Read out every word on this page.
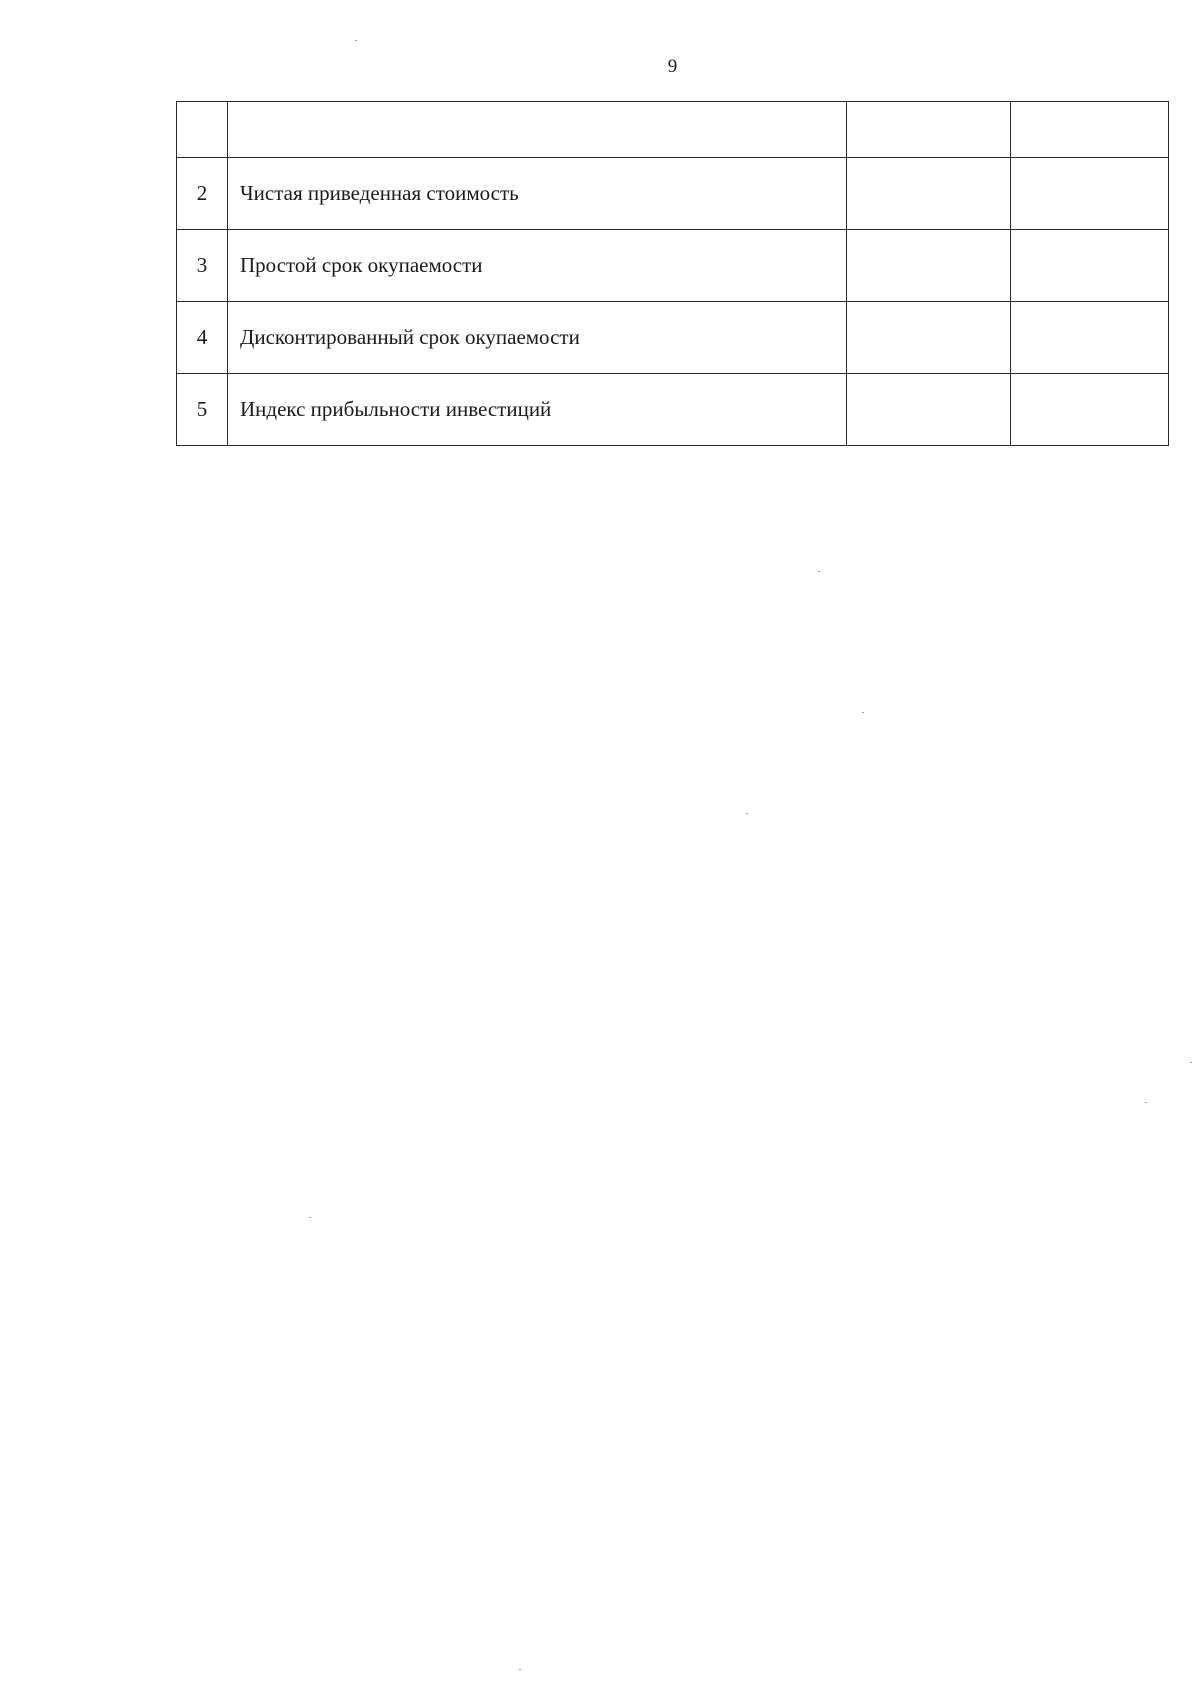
9

2	Чистая приведенная стоимость		
3	Простой срок окупаемости		
4	Дисконтированный срок окупаемости		
5	Индекс прибыльности инвестиций		
